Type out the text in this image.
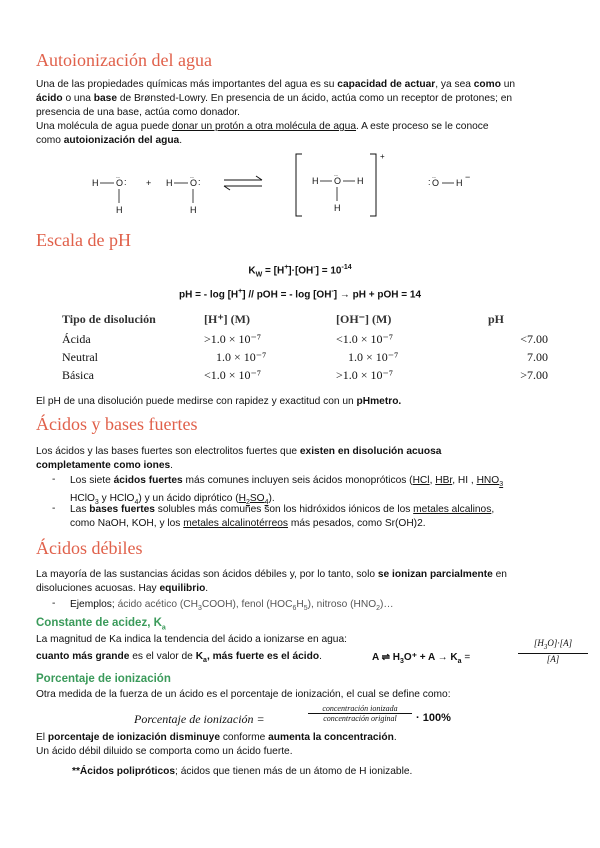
Autoionización del agua
Una de las propiedades químicas más importantes del agua es su capacidad de actuar, ya sea como un
ácido o una base de Brønsted-Lowry. En presencia de un ácido, actúa como un receptor de protones; en
presencia de una base, actúa como donador.
Una molécula de agua puede donar un protón a otra molécula de agua. A este proceso se le conoce
como autoionización del agua.
H O
..
:
H
+ H O
..
:
H
+
H O
..
H
H
: O
..
H
−
Escala de pH
$K_W = [H^+]\cdot[OH^-] = 10^{-14}$
pH = - log [H+] // pOH = - log [OH-] → pH + pOH = 14
Tipo de disolución	[H⁺] (M)	[OH⁻] (M)	pH
Ácida	>1.0 × 10⁻⁷	<1.0 × 10⁻⁷	<7.00
Neutral	1.0 × 10⁻⁷	1.0 × 10⁻⁷	7.00
Básica	<1.0 × 10⁻⁷	>1.0 × 10⁻⁷	>7.00
El pH de una disolución puede medirse con rapidez y exactitud con un pHmetro.
Ácidos y bases fuertes
Los ácidos y las bases fuertes son electrolitos fuertes que existen en disolución acuosa
completamente como iones.
- Los siete ácidos fuertes más comunes incluyen seis ácidos monopróticos (HCl, HBr, HI , $HNO_3$
HClO$_3$ y HClO$_4$) y un ácido diprótico $(H_2SO_4)$.
- Las bases fuertes solubles más comunes son los hidróxidos iónicos de los metales alcalinos,
como NaOH, KOH, y los metales alcalinotérreos más pesados, como Sr(OH)2.
Ácidos débiles
La mayoría de las sustancias ácidas son ácidos débiles y, por lo tanto, solo se ionizan parcialmente en
disoluciones acuosas. Hay equilibrio.
- Ejemplos; ácido acético $(CH_3COOH)$, fenol $(HOC_6H_5)$, nitroso $(HNO_2)\dots$
Constante de acidez, $K_a$
La magnitud de Ka indica la tendencia del ácido a ionizarse en agua:
cuanto más grande es el valor de $K_a$, más fuerte es el ácido.	A ⇌ $H_3O^+ + A \to K_a$ =
$[H_3O]\cdot[A]$
[A]
Porcentaje de ionización
Otra medida de la fuerza de un ácido es el porcentaje de ionización, el cual se define como:
Porcentaje de ionización =
concentración ionizada
concentración original	· 100%
El porcentaje de ionización disminuye conforme aumenta la concentración.
Un ácido débil diluido se comporta como un ácido fuerte.
**Ácidos polipróticos; ácidos que tienen más de un átomo de H ionizable.
